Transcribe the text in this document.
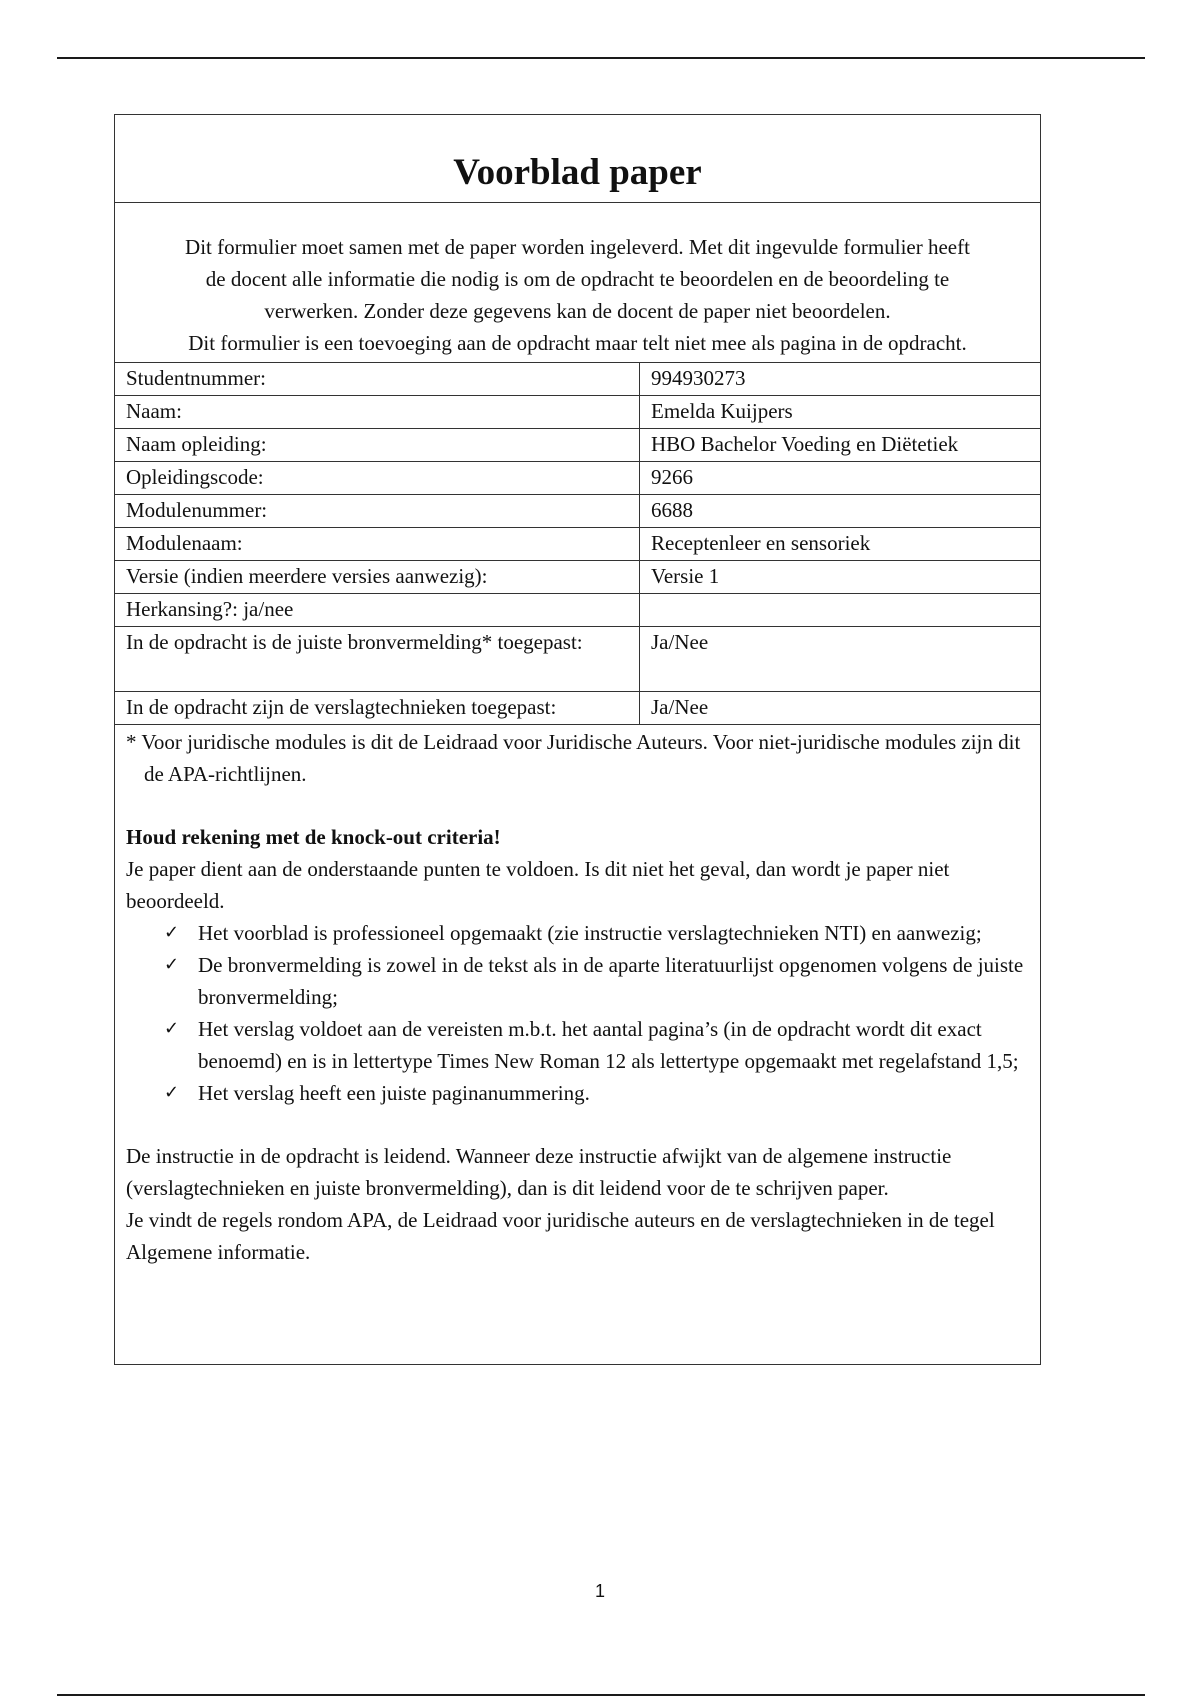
Voorblad paper

Dit formulier moet samen met de paper worden ingeleverd. Met dit ingevulde formulier heeft

de docent alle informatie die nodig is om de opdracht te beoordelen en de beoordeling te

verwerken. Zonder deze gegevens kan de docent de paper niet beoordelen.

Dit formulier is een toevoeging aan de opdracht maar telt niet mee als pagina in de opdracht.

Studentnummer:	994930273
Naam:	Emelda Kuijpers
Naam opleiding:	HBO Bachelor Voeding en Diëtetiek
Opleidingscode:	9266
Modulenummer:	6688
Modulenaam:	Receptenleer en sensoriek
Versie (indien meerdere versies aanwezig):	Versie 1
Herkansing?: ja/nee
In de opdracht is de juiste bronvermelding* toegepast:	Ja/Nee
In de opdracht zijn de verslagtechnieken toegepast:	Ja/Nee

* Voor juridische modules is dit de Leidraad voor Juridische Auteurs. Voor niet-juridische modules zijn dit de APA-richtlijnen.

Houd rekening met de knock-out criteria!

Je paper dient aan de onderstaande punten te voldoen. Is dit niet het geval, dan wordt je paper niet beoordeeld.

✓ Het voorblad is professioneel opgemaakt (zie instructie verslagtechnieken NTI) en aanwezig;
✓ De bronvermelding is zowel in de tekst als in de aparte literatuurlijst opgenomen volgens de juiste bronvermelding;
✓ Het verslag voldoet aan de vereisten m.b.t. het aantal pagina’s (in de opdracht wordt dit exact benoemd) en is in lettertype Times New Roman 12 als lettertype opgemaakt met regelafstand 1,5;
✓ Het verslag heeft een juiste paginanummering.

De instructie in de opdracht is leidend. Wanneer deze instructie afwijkt van de algemene instructie (verslagtechnieken en juiste bronvermelding), dan is dit leidend voor de te schrijven paper.

Je vindt de regels rondom APA, de Leidraad voor juridische auteurs en de verslagtechnieken in de tegel Algemene informatie.

1
